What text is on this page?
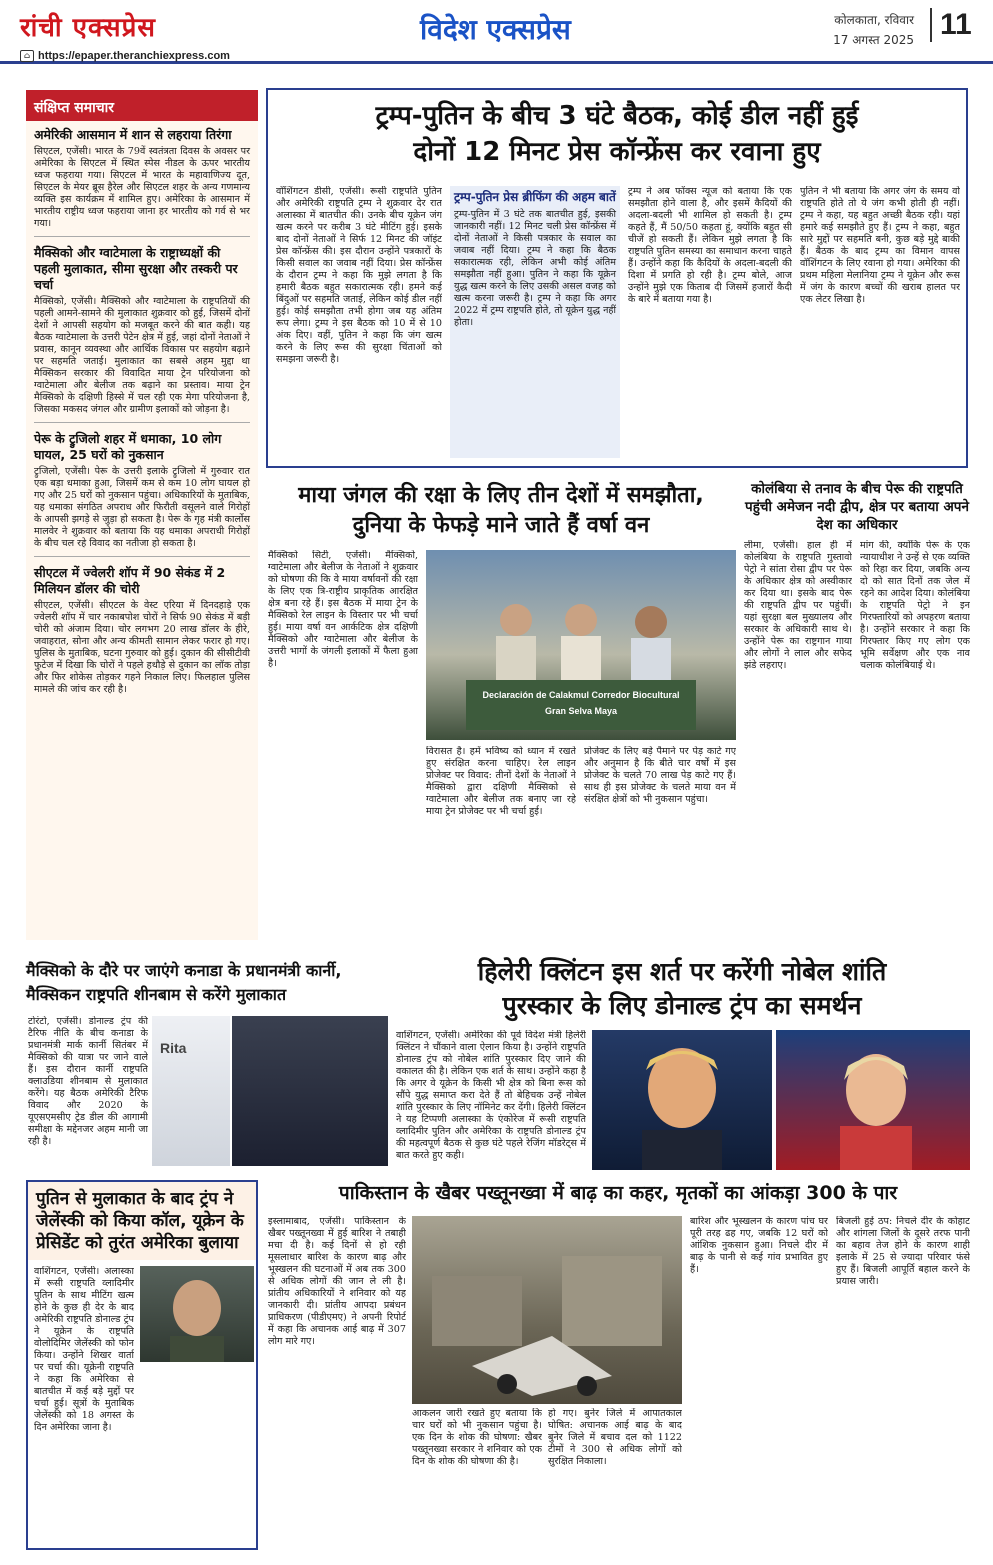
रांची एक्सप्रेस
⌂ https://epaper.theranchiexpress.com
विदेश एक्सप्रेस	कोलकाता, रविवार
17 अगस्त 2025 11
संक्षिप्त समाचार
अमेरिकी आसमान में शान से लहराया तिरंगा

सिएटल, एजेंसी। भारत के 79वें स्वतंत्रता दिवस के अवसर पर अमेरिका के सिएटल में स्थित स्पेस नीडल के ऊपर भारतीय ध्वज फहराया गया। सिएटल में भारत के महावाणिज्य दूत, सिएटल के मेयर ब्रूस हैरेल और सिएटल शहर के अन्य गणमान्य व्यक्ति इस कार्यक्रम में शामिल हुए। अमेरिका के आसमान में भारतीय राष्ट्रीय ध्वज फहराया जाना हर भारतीय को गर्व से भर गया।

मैक्सिको और ग्वाटेमाला के राष्ट्राध्यक्षों की पहली मुलाकात, सीमा सुरक्षा और तस्करी पर चर्चा

मैक्सिको, एजेंसी। मैक्सिको और ग्वाटेमाला के राष्ट्रपतियों की पहली आमने-सामने की मुलाकात शुक्रवार को हुई, जिसमें दोनों देशों ने आपसी सहयोग को मजबूत करने की बात कही। यह बैठक ग्वाटेमाला के उत्तरी पेटेन क्षेत्र में हुई, जहां दोनों नेताओं ने प्रवास, कानून व्यवस्था और आर्थिक विकास पर सहयोग बढ़ाने पर सहमति जताई। मुलाकात का सबसे अहम मुद्दा था मैक्सिकन सरकार की विवादित माया ट्रेन परियोजना को ग्वाटेमाला और बेलीज तक बढ़ाने का प्रस्ताव। माया ट्रेन मैक्सिको के दक्षिणी हिस्से में चल रही एक मेगा परियोजना है, जिसका मकसद जंगल और ग्रामीण इलाकों को जोड़ना है।

पेरू के ट्रुजिलो शहर में धमाका, 10 लोग घायल, 25 घरों को नुकसान

ट्रुजिलो, एजेंसी। पेरू के उत्तरी इलाके ट्रुजिलो में गुरुवार रात एक बड़ा धमाका हुआ, जिसमें कम से कम 10 लोग घायल हो गए और 25 घरों को नुकसान पहुंचा। अधिकारियों के मुताबिक, यह धमाका संगठित अपराध और फिरौती वसूलने वाले गिरोहों के आपसी झगड़े से जुड़ा हो सकता है। पेरू के गृह मंत्री कार्लोस मालवेर ने शुक्रवार को बताया कि यह धमाका अपराधी गिरोहों के बीच चल रहे विवाद का नतीजा हो सकता है।

सीएटल में ज्वेलरी शॉप में 90 सेकंड में 2 मिलियन डॉलर की चोरी

सीएटल, एजेंसी। सीएटल के वेस्ट एरिया में दिनदहाड़े एक ज्वेलरी शॉप में चार नकाबपोश चोरों ने सिर्फ 90 सेकंड में बड़ी चोरी को अंजाम दिया। चोर लगभग 20 लाख डॉलर के हीरे, जवाहरात, सोना और अन्य कीमती सामान लेकर फरार हो गए। पुलिस के मुताबिक, घटना गुरुवार को हुई। दुकान की सीसीटीवी फुटेज में दिखा कि चोरों ने पहले हथौड़े से दुकान का लॉक तोड़ा और फिर शोकेस तोड़कर गहने निकाल लिए। फिलहाल पुलिस मामले की जांच कर रही है।

ट्रम्प-पुतिन के बीच 3 घंटे बैठक, कोई डील नहीं हुई
दोनों 12 मिनट प्रेस कॉन्फ्रेंस कर रवाना हुए
वॉशिंगटन डीसी, एजेंसी। रूसी राष्ट्रपति पुतिन और अमेरिकी राष्ट्रपति ट्रम्प ने शुक्रवार देर रात अलास्का में बातचीत की। उनके बीच यूक्रेन जंग खत्म करने पर करीब 3 घंटे मीटिंग हुई। इसके बाद दोनों नेताओं ने सिर्फ 12 मिनट की जॉइंट प्रेस कॉन्फ्रेंस की। इस दौरान उन्होंने पत्रकारों के किसी सवाल का जवाब नहीं दिया। प्रेस कॉन्फ्रेंस के दौरान ट्रम्प ने कहा कि मुझे लगता है कि हमारी बैठक बहुत सकारात्मक रही। हमने कई बिंदुओं पर सहमति जताई, लेकिन कोई डील नहीं हुई। कोई समझौता तभी होगा जब यह अंतिम रूप लेगा। ट्रम्प ने इस बैठक को 10 में से 10 अंक दिए। वहीं, पुतिन ने कहा कि जंग खत्म करने के लिए रूस की सुरक्षा चिंताओं को समझना जरूरी है।
ट्रम्प-पुतिन प्रेस ब्रीफिंग की अहम बातें
ट्रम्प-पुतिन में 3 घंटे तक बातचीत हुई, इसकी जानकारी नहीं। 12 मिनट चली प्रेस कॉन्फ्रेंस में दोनों नेताओं ने किसी पत्रकार के सवाल का जवाब नहीं दिया। ट्रम्प ने कहा कि बैठक सकारात्मक रही, लेकिन अभी कोई अंतिम समझौता नहीं हुआ। पुतिन ने कहा कि यूक्रेन युद्ध खत्म करने के लिए उसकी असल वजह को खत्म करना जरूरी है। ट्रम्प ने कहा कि अगर 2022 में ट्रम्प राष्ट्रपति होते, तो यूक्रेन युद्ध नहीं होता।
ट्रम्प ने अब फॉक्स न्यूज को बताया कि एक समझौता होने वाला है, और इसमें कैदियों की अदला-बदली भी शामिल हो सकती है। ट्रम्प कहते हैं, मैं 50/50 कहता हूं, क्योंकि बहुत सी चीजें हो सकती हैं। लेकिन मुझे लगता है कि राष्ट्रपति पुतिन समस्या का समाधान करना चाहते हैं। उन्होंने कहा कि कैदियों के अदला-बदली की दिशा में प्रगति हो रही है। ट्रम्प बोले, आज उन्होंने मुझे एक किताब दी जिसमें हजारों कैदी के बारे में बताया गया है।
पुतिन ने भी बताया कि अगर जंग के समय वो राष्ट्रपति होते तो ये जंग कभी होती ही नहीं। ट्रम्प ने कहा, यह बहुत अच्छी बैठक रही। यहां हमारे कई समझौते हुए हैं। ट्रम्प ने कहा, बहुत सारे मुद्दों पर सहमति बनी, कुछ बड़े मुद्दे बाकी हैं। बैठक के बाद ट्रम्प का विमान वापस वॉशिंगटन के लिए रवाना हो गया। अमेरिका की प्रथम महिला मेलानिया ट्रम्प ने यूक्रेन और रूस में जंग के कारण बच्चों की खराब हालत पर एक लेटर लिखा है।
माया जंगल की रक्षा के लिए तीन देशों में समझौता,
दुनिया के फेफड़े माने जाते हैं वर्षा वन
मैक्सिको सिटी, एजेंसी। मैक्सिको, ग्वाटेमाला और बेलीज के नेताओं ने शुक्रवार को घोषणा की कि वे माया वर्षावनों की रक्षा के लिए एक त्रि-राष्ट्रीय प्राकृतिक आरक्षित क्षेत्र बना रहे हैं। इस बैठक में माया ट्रेन के मैक्सिको रेल लाइन के विस्तार पर भी चर्चा हुई। माया वर्षा वन आर्कटिक क्षेत्र दक्षिणी मैक्सिको और ग्वाटेमाला और बेलीज के उत्तरी भागों के जंगली इलाकों में फैला हुआ है।
Declaración de Calakmul Corredor Biocultural
Gran Selva Maya
विरासत है। हमें भविष्य को ध्यान में रखते हुए संरक्षित करना चाहिए। रेल लाइन प्रोजेक्ट पर विवाद: तीनों देशों के नेताओं ने मैक्सिको द्वारा दक्षिणी मैक्सिको से ग्वाटेमाला और बेलीज तक बनाए जा रहे माया ट्रेन प्रोजेक्ट पर भी चर्चा हुई।
प्रोजेक्ट के लिए बड़े पैमाने पर पेड़ काटे गए और अनुमान है कि बीते चार वर्षों में इस प्रोजेक्ट के चलते 70 लाख पेड़ काटे गए हैं। साथ ही इस प्रोजेक्ट के चलते माया वन में संरक्षित क्षेत्रों को भी नुकसान पहुंचा।
कोलंबिया से तनाव के बीच पेरू की राष्ट्रपति पहुंची अमेजन नदी द्वीप, क्षेत्र पर बताया अपने देश का अधिकार
लीमा, एजेंसी। हाल ही में कोलंबिया के राष्ट्रपति गुस्तावो पेट्रो ने सांता रोसा द्वीप पर पेरू के अधिकार क्षेत्र को अस्वीकार कर दिया था। इसके बाद पेरू की राष्ट्रपति द्वीप पर पहुंचीं। यहां सुरक्षा बल मुख्यालय और सरकार के अधिकारी साथ थे। उन्होंने पेरू का राष्ट्रगान गाया और लोगों ने लाल और सफेद झंडे लहराए।
मांग की, क्योंकि पेरू के एक न्यायाधीश ने उन्हें से एक व्यक्ति को रिहा कर दिया, जबकि अन्य दो को सात दिनों तक जेल में रहने का आदेश दिया। कोलंबिया के राष्ट्रपति पेट्रो ने इन गिरफ्तारियों को अपहरण बताया है। उन्होंने सरकार ने कहा कि गिरफ्तार किए गए लोग एक भूमि सर्वेक्षण और एक नाव चलाक कोलंबियाई थे।
मैक्सिको के दौरे पर जाएंगे कनाडा के प्रधानमंत्री कार्नी,
मैक्सिकन राष्ट्रपति शीनबाम से करेंगे मुलाकात
टोरंटो, एजेंसी। डोनाल्ड ट्रंप की टैरिफ नीति के बीच कनाडा के प्रधानमंत्री मार्क कार्नी सितंबर में मैक्सिको की यात्रा पर जाने वाले हैं। इस दौरान कार्नी राष्ट्रपति क्लाउडिया शीनबाम से मुलाकात करेंगे। यह बैठक अमेरिकी टैरिफ विवाद और 2020 के यूएसएमसीए ट्रेड डील की आगामी समीक्षा के मद्देनजर अहम मानी जा रही है।
Rita
हिलेरी क्लिंटन इस शर्त पर करेंगी नोबेल शांति
पुरस्कार के लिए डोनाल्ड ट्रंप का समर्थन
वाशिंगटन, एजेंसी। अमेरिका की पूर्व विदेश मंत्री हिलेरी क्लिंटन ने चौंकाने वाला ऐलान किया है। उन्होंने राष्ट्रपति डोनाल्ड ट्रंप को नोबेल शांति पुरस्कार दिए जाने की वकालत की है। लेकिन एक शर्त के साथ। उन्होंने कहा है कि अगर वे यूक्रेन के किसी भी क्षेत्र को बिना रूस को सौंपे युद्ध समाप्त करा देते हैं तो बेहिचक उन्हें नोबेल शांति पुरस्कार के लिए नॉमिनेट कर देंगी। हिलेरी क्लिंटन ने यह टिप्पणी अलास्का के एंकोरेज में रूसी राष्ट्रपति व्लादिमीर पुतिन और अमेरिका के राष्ट्रपति डोनाल्ड ट्रंप की महत्वपूर्ण बैठक से कुछ घंटे पहले रेजिंग मॉडरेट्स में बात करते हुए कही।
पुतिन से मुलाकात के बाद ट्रंप ने जेलेंस्की को किया कॉल, यूक्रेन के प्रेसिडेंट को तुरंत अमेरिका बुलाया
वाशिंगटन, एजेंसी। अलास्का में रूसी राष्ट्रपति व्लादिमीर पुतिन के साथ मीटिंग खत्म होने के कुछ ही देर के बाद अमेरिकी राष्ट्रपति डोनाल्ड ट्रंप ने यूक्रेन के राष्ट्रपति वोलोदिमिर जेलेंस्की को फोन किया। उन्होंने शिखर वार्ता पर चर्चा की। यूक्रेनी राष्ट्रपति ने कहा कि अमेरिका से बातचीत में कई बड़े मुद्दों पर चर्चा हुई। सूत्रों के मुताबिक जेलेंस्की को 18 अगस्त के दिन अमेरिका जाना है।
पाकिस्तान के खैबर पख्तूनख्वा में बाढ़ का कहर, मृतकों का आंकड़ा 300 के पार
इस्लामाबाद, एजेंसी। पाकिस्तान के खैबर पख्तूनख्वा में हुई बारिश ने तबाही मचा दी है। कई दिनों से हो रही मूसलाधार बारिश के कारण बाढ़ और भूस्खलन की घटनाओं में अब तक 300 से अधिक लोगों की जान ले ली है। प्रांतीय अधिकारियों ने शनिवार को यह जानकारी दी। प्रांतीय आपदा प्रबंधन प्राधिकरण (पीडीएमए) ने अपनी रिपोर्ट में कहा कि अचानक आई बाढ़ में 307 लोग मारे गए।
आकलन जारी रखते हुए बताया कि चार घरों को भी नुकसान पहुंचा है। एक दिन के शोक की घोषणा: खैबर पख्तूनख्वा सरकार ने शनिवार को एक दिन के शोक की घोषणा की है।
हो गए। बुनेर जिले में आपातकाल घोषित: अचानक आई बाढ़ के बाद बुनेर जिले में बचाव दल को 1122 टीमों ने 300 से अधिक लोगों को सुरक्षित निकाला।
बारिश और भूस्खलन के कारण पांच घर पूरी तरह ढह गए, जबकि 12 घरों को आंशिक नुकसान हुआ। निचले दीर में बाढ़ के पानी से कई गांव प्रभावित हुए हैं।
बिजली हुई ठप: निचले दीर के कोहाट और शांगला जिलों के दूसरे तरफ पानी का बहाव तेज होने के कारण शाही इलाके में 25 से ज्यादा परिवार फंसे हुए हैं। बिजली आपूर्ति बहाल करने के प्रयास जारी।
